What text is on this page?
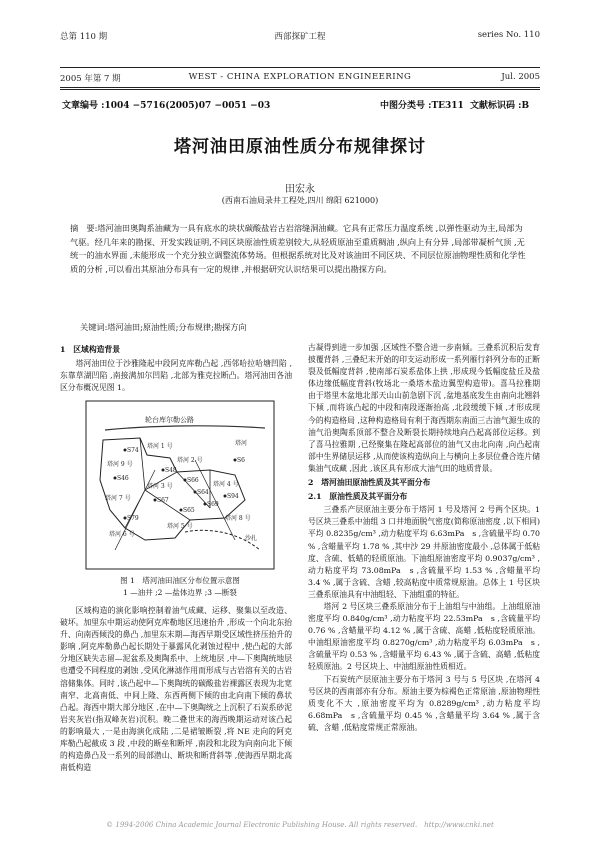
总第 110 期	西部探矿工程	series No. 110
2005 年第 7 期	WEST - CHINA EXPLORATION ENGINEERING	Jul. 2005
文章编号 :1004 −5716(2005)07 −0051 −03	中图分类号 :TE311 文献标识码 :B
塔河油田原油性质分布规律探讨
田宏永
(西南石油局录井工程处,四川 绵阳 621000)
摘　要:塔河油田奥陶系油藏为一具有底水的块状碳酸盐岩古岩溶缝洞油藏。它具有正常压力温度系统 ,以弹性驱动为主,局部为气驱。经几年来的勘探、开发实践证明,不同区块原油性质差别较大,从轻质原油至重质稠油 ,纵向上有分异 ,局部带凝析气顶 ,无统一的油水界面 ,未能形成一个充分独立调整流体势场。但根据系统对比及对该油田不同区块、不同层位原油物理性质和化学性质的分析 ,可以看出其原油分布具有一定的规律 ,并根据研究认识结果可以提出勘探方向。
关键词:塔河油田;原油性质;分布规律;勘探方向

1　区域构造背景

塔河油田位于沙雅隆起中段阿克库勒凸起 ,西邻哈拉哈塘凹陷 ,东靠草湖凹陷 ,南接满加尔凹陷 ,北部为雅克拉断凸。塔河油田各油区分布概况见图 1。

轮台库尔勒公路
S74
S48
S46	S66
S64
S67
S69
S94
S65
S79
S6
塔河 9 号
塔河 2 号
塔河 4 号
塔河 7 号
塔河 6 号
塔河 3 号
塔河 5 号
塔河 8 号
塔河 1 号	塔河
沙扎
图 1　塔河油田油区分布位置示意图
1 —油井 ;2 —盐体边界 ;3 —断裂

区域构造的演化影响控制着油气成藏、运移、聚集以至改造、破坏。加里东中期运动使阿克库勒地区迅速抬升 ,形成一个向北东抬升、向南西倾没的鼻凸 ,加里东末期—海西早期受区域性挤压抬升的影响 ,阿克库勒鼻凸起长期处于暴露风化剥蚀过程中 ,使凸起的大部分地区缺失志留—泥盆系及奥陶系中、上统地层 ,中—下奥陶统地层也遭受不同程度的剥蚀 ,受风化淋滤作用而形成与古岩溶有关的古岩溶储集体。同时 ,该凸起中—下奥陶统的碳酸盐岩裸露区表现为北宽南窄、北高南低、中间上隆、东西两侧下倾的由北向南下倾的鼻状凸起。海西中期大部分地区 ,在中—下奥陶统之上沉积了石炭系砂泥岩夹灰岩(指双峰灰岩)沉积。晚二叠世末的海西晚期运动对该凸起的影响最大 ,一是由海演化成陆 ,二是裙皱断裂 ,将 NE 走向的阿克库勒凸起截成 3 段 ,中段的断垒和断坪 ,南段和北段为向南向北下倾的构造鼻凸及一系列的局部潜山、断块和断背斜等 ,使海西早期北高南低构造

古凝得到进一步加强 ,区域性不整合进一步南倾。三叠系沉积后发育披覆背斜 ,三叠纪末开始的印支运动形成一系列雁行斜列分布的正断裂及低幅度背斜 ,使南部石炭系盐体上拱 ,形成现今低幅度盐丘及盐体边缘低幅度背斜(牧场北一桑塔木盐边翼型构造带)。喜马拉雅期由于塔里木盆地北部天山山前急剧下沉 ,盆地基底发生由南向北翘斜下倾 ,而将该凸起的中段和南段逐渐抬高 ,北段缓缓下倾 ,才形成现今的构造格局 ,这种构造格局有利于海西期东南面三古油气源生成的油气沿奥陶系顶部不整合及断裂长期持续地向凸起高部位运移。到了喜马拉雅期 ,已经聚集在隆起高部位的油气又由北向南 ,向凸起南部中生界储层运移 ,从而使该构造纵向上与横向上多层位叠合连片储集油气成藏 ,因此 ,该区具有形成大油气田的地质背景。

2　塔河油田原油性质及其平面分布

2.1　原油性质及其平面分布

三叠系产层原油主要分布于塔河 1 号及塔河 2 号两个区块。1 号区块三叠系中油组 3 口井地面脱气密度(简称原油密度 ,以下相同)平均 0.8235g/cm³ ,动力粘度平均 6.63mPa　s ,含硫量平均 0.70 % ,含蜡量平均 1.78 % ,其中沙 29 井原油密度最小 ,总体属于低粘度、含硫、低蜡的轻质原油。下油组原油密度平均 0.9037g/cm³ ,动力粘度平均 73.08mPa　s ,含硫量平均 1.53 % ,含蜡量平均 3.4 % ,属于含硫、含蜡 ,较高粘度中质常规原油。总体上 1 号区块三叠系原油具有中油组轻、下油组重的特征。

塔河 2 号区块三叠系原油分布于上油组与中油组。上油组原油密度平均 0.840g/cm³ ,动力粘度平均 22.53mPa　s ,含硫量平均 0.76 % ,含蜡量平均 4.12 % ,属于含硫、高蜡 ,低粘度轻质原油。中油组原油密度平均 0.8270g/cm³ ,动力粘度平均 6.03mPa　s ,含硫量平均 0.53 % ,含蜡量平均 6.43 % ,属于含硫、高蜡 ,低粘度轻质原油。2 号区块上、中油组原油性质相近。

下石炭统产层原油主要分布于塔河 3 号与 5 号区块 ,在塔河 4 号区块的西南部亦有分布。原油主要为棕褐色正常原油 ,原油物理性质变化不大 ,原油密度平均为 0.8289g/cm³ ,动力粘度平均 6.68mPa　s ,含硫量平均 0.45 % ,含蜡量平均 3.64 % ,属于含硫、含蜡 ,低粘度常规正常原油。

© 1994-2006 China Academic Journal Electronic Publishing House. All rights reserved.　http://www.cnki.net
